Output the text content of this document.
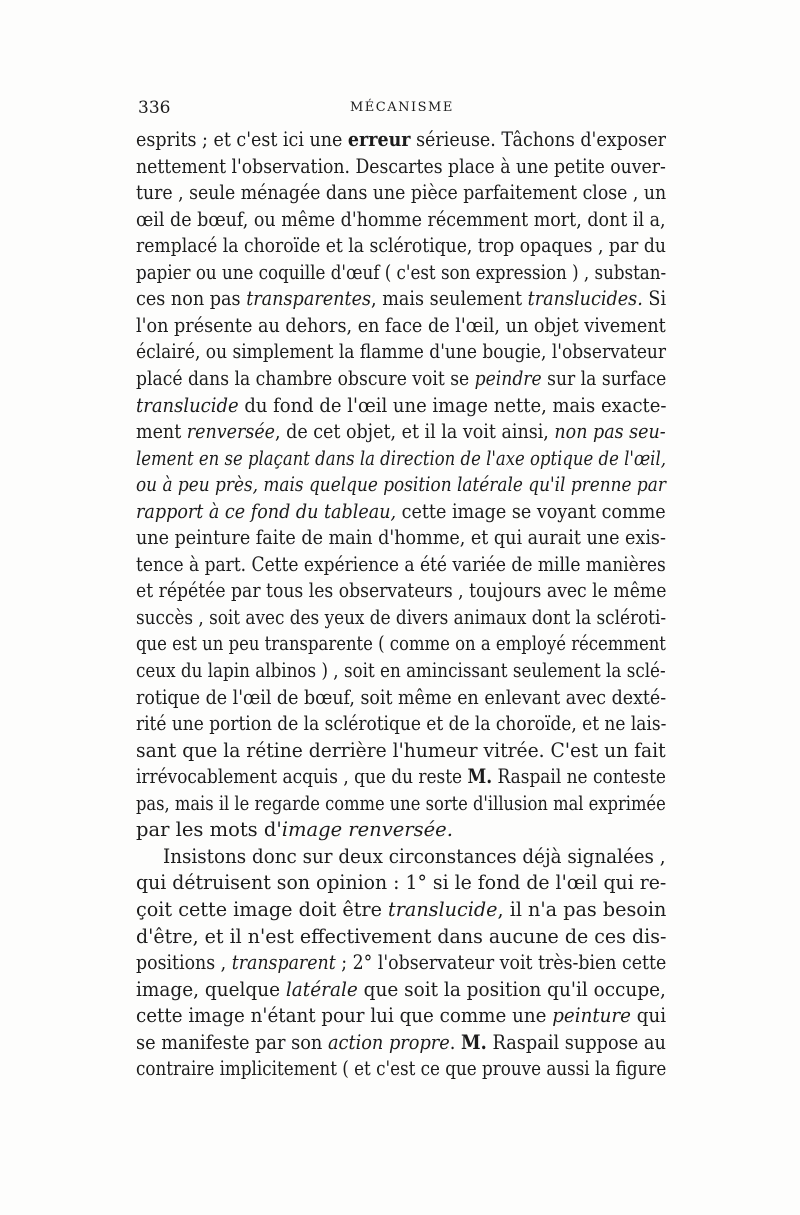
336	MÉCANISME
esprits ; et c'est ici une erreur sérieuse. Tâchons d'exposer
nettement l'observation. Descartes place à une petite ouver-
ture , seule ménagée dans une pièce parfaitement close , un
œil de bœuf, ou même d'homme récemment mort, dont il a,
remplacé la choroïde et la sclérotique, trop opaques , par du
papier ou une coquille d'œuf ( c'est son expression ) , substan-
ces non pas transparentes, mais seulement translucides. Si
l'on présente au dehors, en face de l'œil, un objet vivement
éclairé, ou simplement la flamme d'une bougie, l'observateur
placé dans la chambre obscure voit se peindre sur la surface
translucide du fond de l'œil une image nette, mais exacte-
ment renversée, de cet objet, et il la voit ainsi, non pas seu-
lement en se plaçant dans la direction de l'axe optique de l'œil,
ou à peu près, mais quelque position latérale qu'il prenne par
rapport à ce fond du tableau, cette image se voyant comme
une peinture faite de main d'homme, et qui aurait une exis-
tence à part. Cette expérience a été variée de mille manières
et répétée par tous les observateurs , toujours avec le même
succès , soit avec des yeux de divers animaux dont la scléroti-
que est un peu transparente ( comme on a employé récemment
ceux du lapin albinos ) , soit en amincissant seulement la sclé-
rotique de l'œil de bœuf, soit même en enlevant avec dexté-
rité une portion de la sclérotique et de la choroïde, et ne lais-
sant que la rétine derrière l'humeur vitrée. C'est un fait
irrévocablement acquis , que du reste M. Raspail ne conteste
pas, mais il le regarde comme une sorte d'illusion mal exprimée
par les mots d'image renversée.
Insistons donc sur deux circonstances déjà signalées ,
qui détruisent son opinion : 1° si le fond de l'œil qui re-
çoit cette image doit être translucide, il n'a pas besoin
d'être, et il n'est effectivement dans aucune de ces dis-
positions , transparent ; 2° l'observateur voit très-bien cette
image, quelque latérale que soit la position qu'il occupe,
cette image n'étant pour lui que comme une peinture qui
se manifeste par son action propre. M. Raspail suppose au
contraire implicitement ( et c'est ce que prouve aussi la figure
